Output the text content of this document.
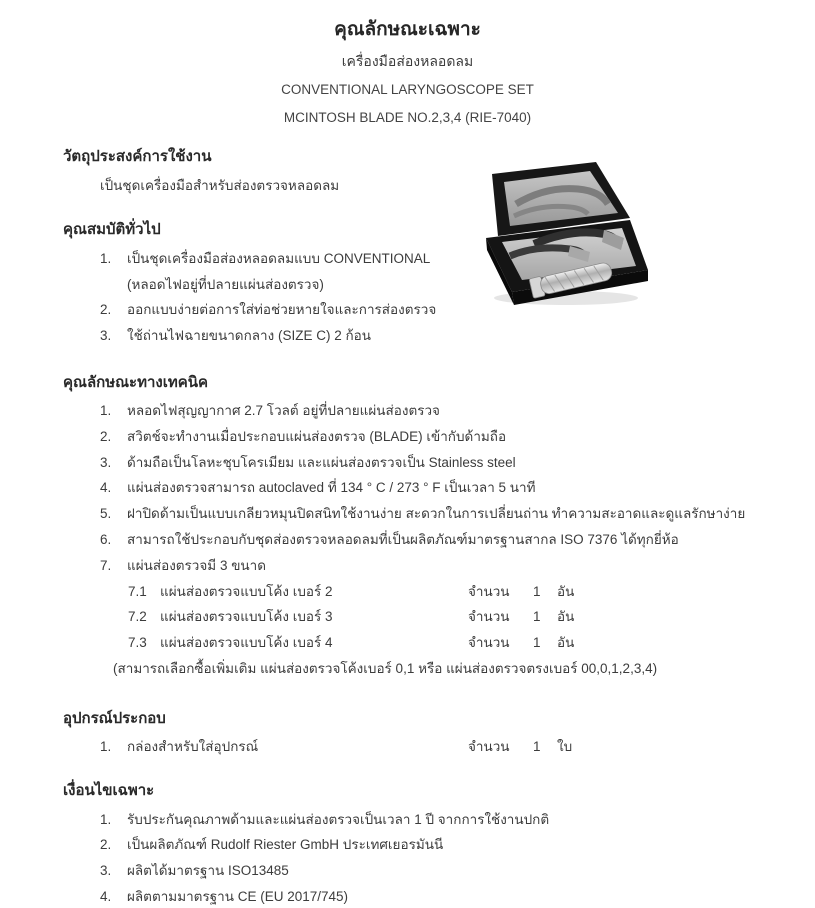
คุณลักษณะเฉพาะ
เครื่องมือส่องหลอดลม
CONVENTIONAL LARYNGOSCOPE SET
MCINTOSH BLADE NO.2,3,4 (RIE-7040)
วัตถุประสงค์การใช้งาน
เป็นชุดเครื่องมือสำหรับส่องตรวจหลอดลม
คุณสมบัติทั่วไป
1. เป็นชุดเครื่องมือส่องหลอดลมแบบ CONVENTIONAL
(หลอดไฟอยู่ที่ปลายแผ่นส่องตรวจ)
2. ออกแบบง่ายต่อการใส่ท่อช่วยหายใจและการส่องตรวจ
3. ใช้ถ่านไฟฉายขนาดกลาง (SIZE C) 2 ก้อน
คุณลักษณะทางเทคนิค
1. หลอดไฟสุญญากาศ 2.7 โวลต์ อยู่ที่ปลายแผ่นส่องตรวจ
2. สวิตช์จะทำงานเมื่อประกอบแผ่นส่องตรวจ (BLADE) เข้ากับด้ามถือ
3. ด้ามถือเป็นโลหะชุบโครเมียม และแผ่นส่องตรวจเป็น Stainless steel
4. แผ่นส่องตรวจสามารถ autoclaved ที่ 134 ° C / 273 ° F เป็นเวลา 5 นาที
5. ฝาปิดด้ามเป็นแบบเกลียวหมุนปิดสนิทใช้งานง่าย สะดวกในการเปลี่ยนถ่าน ทำความสะอาดและดูแลรักษาง่าย
6. สามารถใช้ประกอบกับชุดส่องตรวจหลอดลมที่เป็นผลิตภัณฑ์มาตรฐานสากล ISO 7376 ได้ทุกยี่ห้อ
7. แผ่นส่องตรวจมี 3 ขนาด
7.1 แผ่นส่องตรวจแบบโค้ง เบอร์ 2	จำนวน 1 อัน
7.2 แผ่นส่องตรวจแบบโค้ง เบอร์ 3	จำนวน 1 อัน
7.3 แผ่นส่องตรวจแบบโค้ง เบอร์ 4	จำนวน 1 อัน
(สามารถเลือกซื้อเพิ่มเติม แผ่นส่องตรวจโค้งเบอร์ 0,1 หรือ แผ่นส่องตรวจตรงเบอร์ 00,0,1,2,3,4)
อุปกรณ์ประกอบ
1. กล่องสำหรับใส่อุปกรณ์	จำนวน 1 ใบ
เงื่อนไขเฉพาะ
1. รับประกันคุณภาพด้ามและแผ่นส่องตรวจเป็นเวลา 1 ปี จากการใช้งานปกติ
2. เป็นผลิตภัณฑ์ Rudolf Riester GmbH ประเทศเยอรมันนี
3. ผลิตได้มาตรฐาน ISO13485
4. ผลิตตามมาตรฐาน CE (EU 2017/745)
